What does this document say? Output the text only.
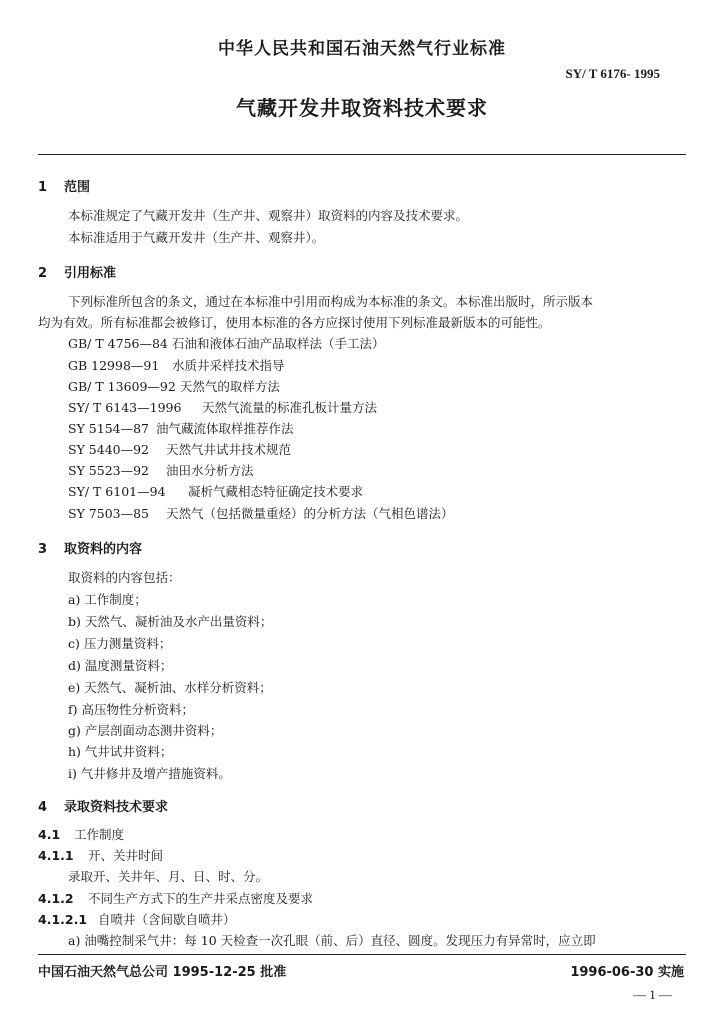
中华人民共和国石油天然气行业标准
SY/ T 6176- 1995
气藏开发井取资料技术要求
1 范围
本标准规定了气藏开发井（生产井、观察井）取资料的内容及技术要求。
本标准适用于气藏开发井（生产井、观察井）。
2 引用标准
下列标准所包含的条文，通过在本标准中引用而构成为本标准的条文。本标准出版时，所示版本
均为有效。所有标准都会被修订，使用本标准的各方应探讨使用下列标准最新版本的可能性。
GB/ T 4756—84 石油和液体石油产品取样法（手工法）
GB 12998—91 水质井采样技术指导
GB/ T 13609—92 天然气的取样方法
SY/ T 6143—1996 天然气流量的标准孔板计量方法
SY 5154—87 油气藏流体取样推荐作法
SY 5440—92 天然气井试井技术规范
SY 5523—92 油田水分析方法
SY/ T 6101—94 凝析气藏相态特征确定技术要求
SY 7503—85 天然气（包括微量重烃）的分析方法（气相色谱法）
3 取资料的内容
取资料的内容包括：
a) 工作制度；
b) 天然气、凝析油及水产出量资料；
c) 压力测量资料；
d) 温度测量资料；
e) 天然气、凝析油、水样分析资料；
f) 高压物性分析资料；
g) 产层剖面动态测井资料；
h) 气井试井资料；
i) 气井修井及增产措施资料。
4 录取资料技术要求
4.1 工作制度
4.1.1 开、关井时间
录取开、关井年、月、日、时、分。
4.1.2 不同生产方式下的生产井采点密度及要求
4.1.2.1 自喷井（含间歇自喷井）
a) 油嘴控制采气井：每 10 天检查一次孔眼（前、后）直径、圆度。发现压力有异常时，应立即
中国石油天然气总公司 1995-12-25 批准	1996-06-30 实施
— 1 —
